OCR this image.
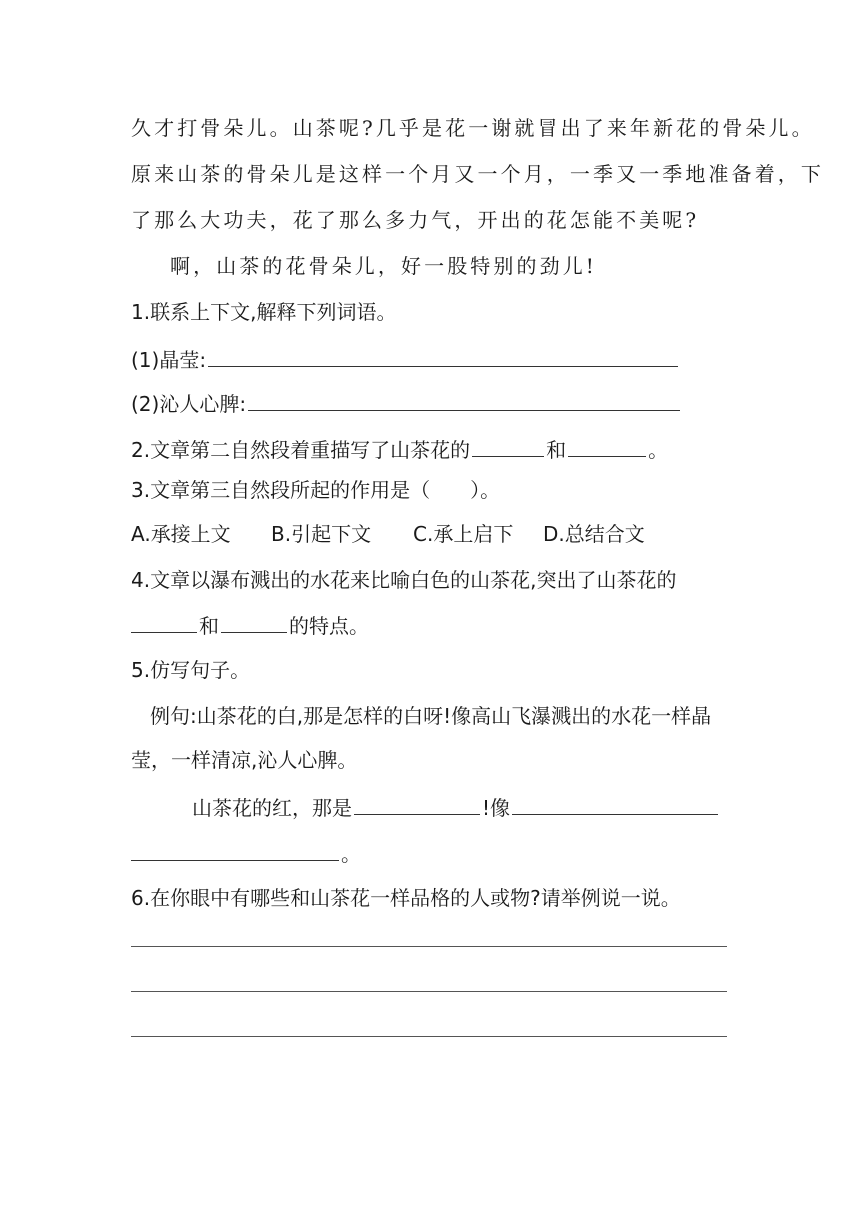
久才打骨朵儿。山茶呢?几乎是花一谢就冒出了来年新花的骨朵儿。
原来山茶的骨朵儿是这样一个月又一个月，一季又一季地准备着，下
了那么大功夫，花了那么多力气，开出的花怎能不美呢?
啊，山茶的花骨朵儿，好一股特别的劲儿!
1.联系上下文,解释下列词语。
(1)晶莹:
(2)沁人心脾:
2.文章第二自然段着重描写了山茶花的	和	。
3.文章第三自然段所起的作用是（　　）。
A.承接上文 B.引起下文 C.承上启下 D.总结合文
4.文章以瀑布溅出的水花来比喻白色的山茶花,突出了山茶花的
和	的特点。
5.仿写句子。
例句:山茶花的白,那是怎样的白呀!像高山飞瀑溅出的水花一样晶
莹，一样清凉,沁人心脾。
山茶花的红，那是	!像
。
6.在你眼中有哪些和山茶花一样品格的人或物?请举例说一说。
